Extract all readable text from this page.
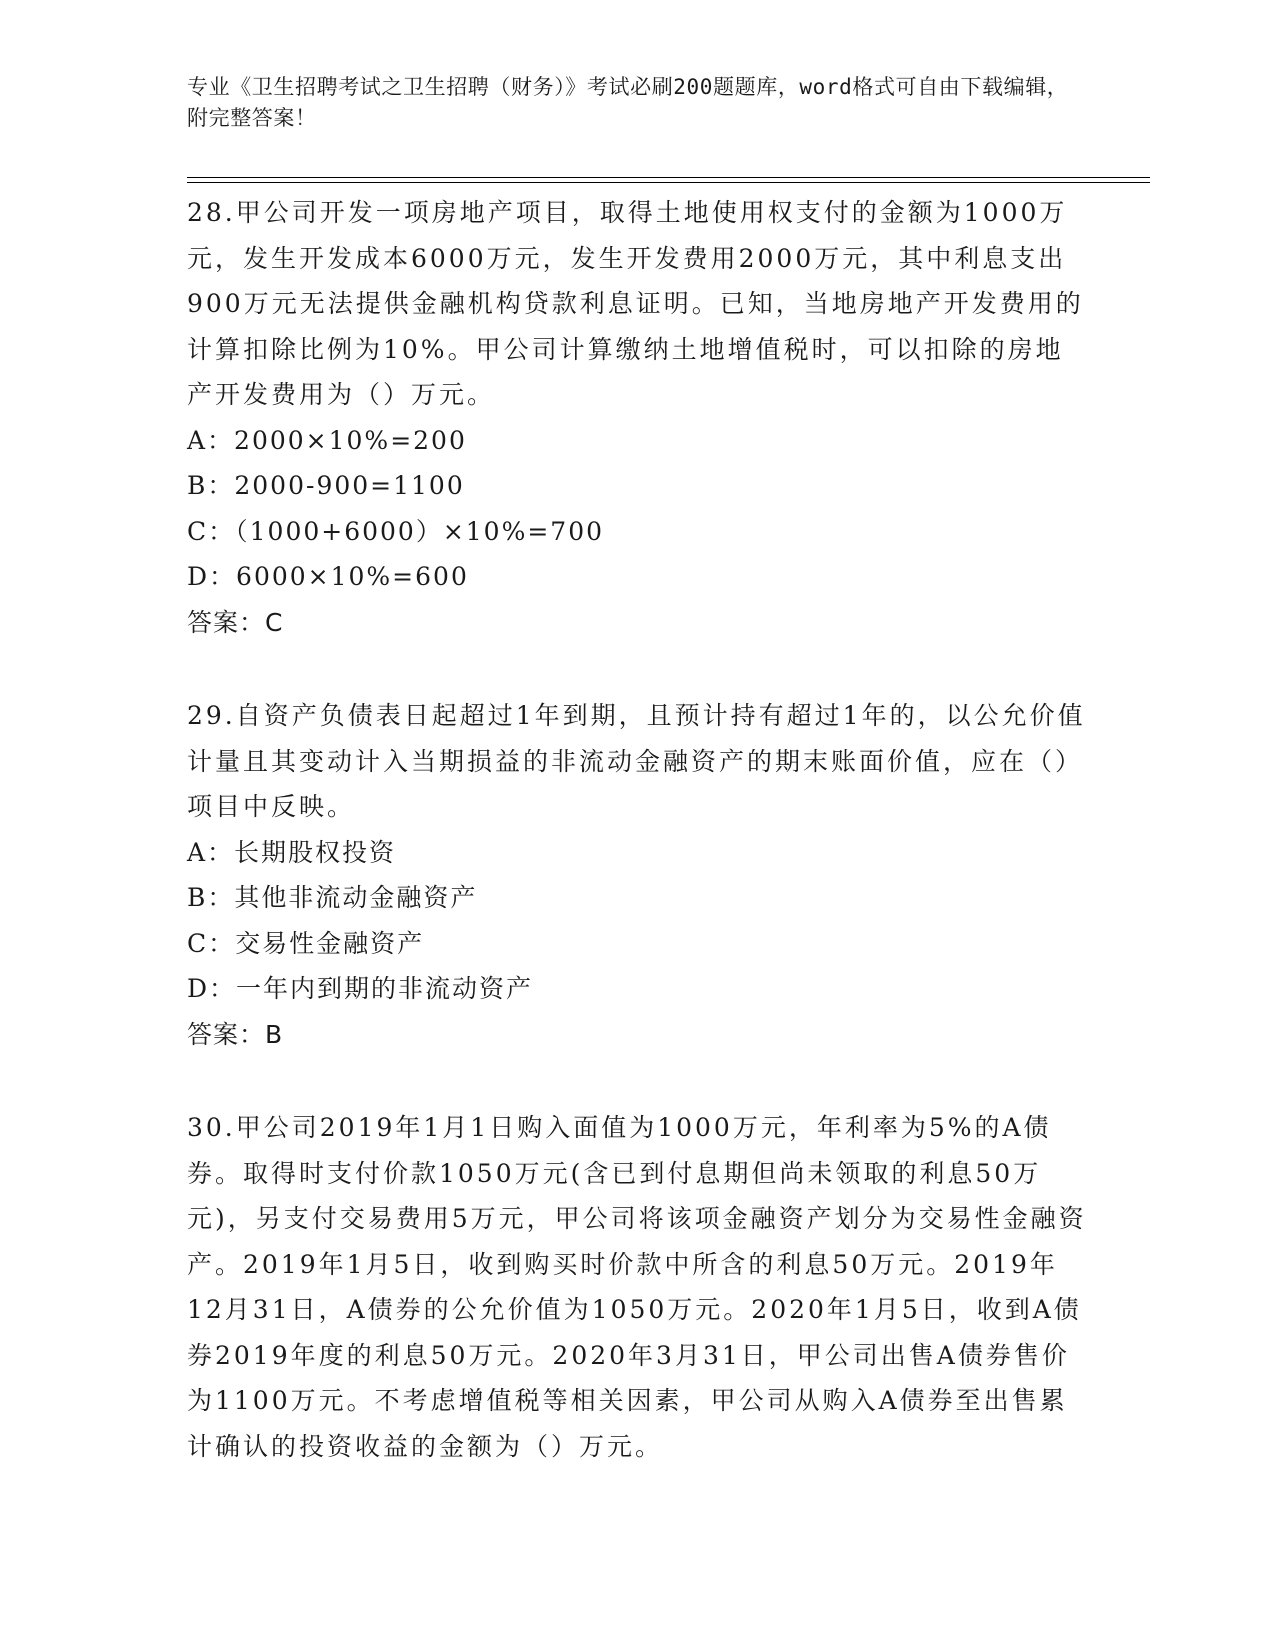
专业《卫生招聘考试之卫生招聘（财务）》考试必刷200题题库，word格式可自由下载编辑，附完整答案！

28.甲公司开发一项房地产项目，取得土地使用权支付的金额为1000万元，发生开发成本6000万元，发生开发费用2000万元，其中利息支出900万元无法提供金融机构贷款利息证明。已知，当地房地产开发费用的计算扣除比例为10%。甲公司计算缴纳土地增值税时，可以扣除的房地产开发费用为（）万元。

A：2000×10%=200

B：2000-900=1100

C：（1000+6000）×10%=700

D：6000×10%=600

答案：C

29.自资产负债表日起超过1年到期，且预计持有超过1年的，以公允价值计量且其变动计入当期损益的非流动金融资产的期末账面价值，应在（）项目中反映。

A：长期股权投资

B：其他非流动金融资产

C：交易性金融资产

D：一年内到期的非流动资产

答案：B

30.甲公司2019年1月1日购入面值为1000万元，年利率为5%的A债券。取得时支付价款1050万元(含已到付息期但尚未领取的利息50万元)，另支付交易费用5万元，甲公司将该项金融资产划分为交易性金融资产。2019年1月5日，收到购买时价款中所含的利息50万元。2019年12月31日，A债券的公允价值为1050万元。2020年1月5日，收到A债券2019年度的利息50万元。2020年3月31日，甲公司出售A债券售价为1100万元。不考虑增值税等相关因素，甲公司从购入A债券至出售累计确认的投资收益的金额为（）万元。
